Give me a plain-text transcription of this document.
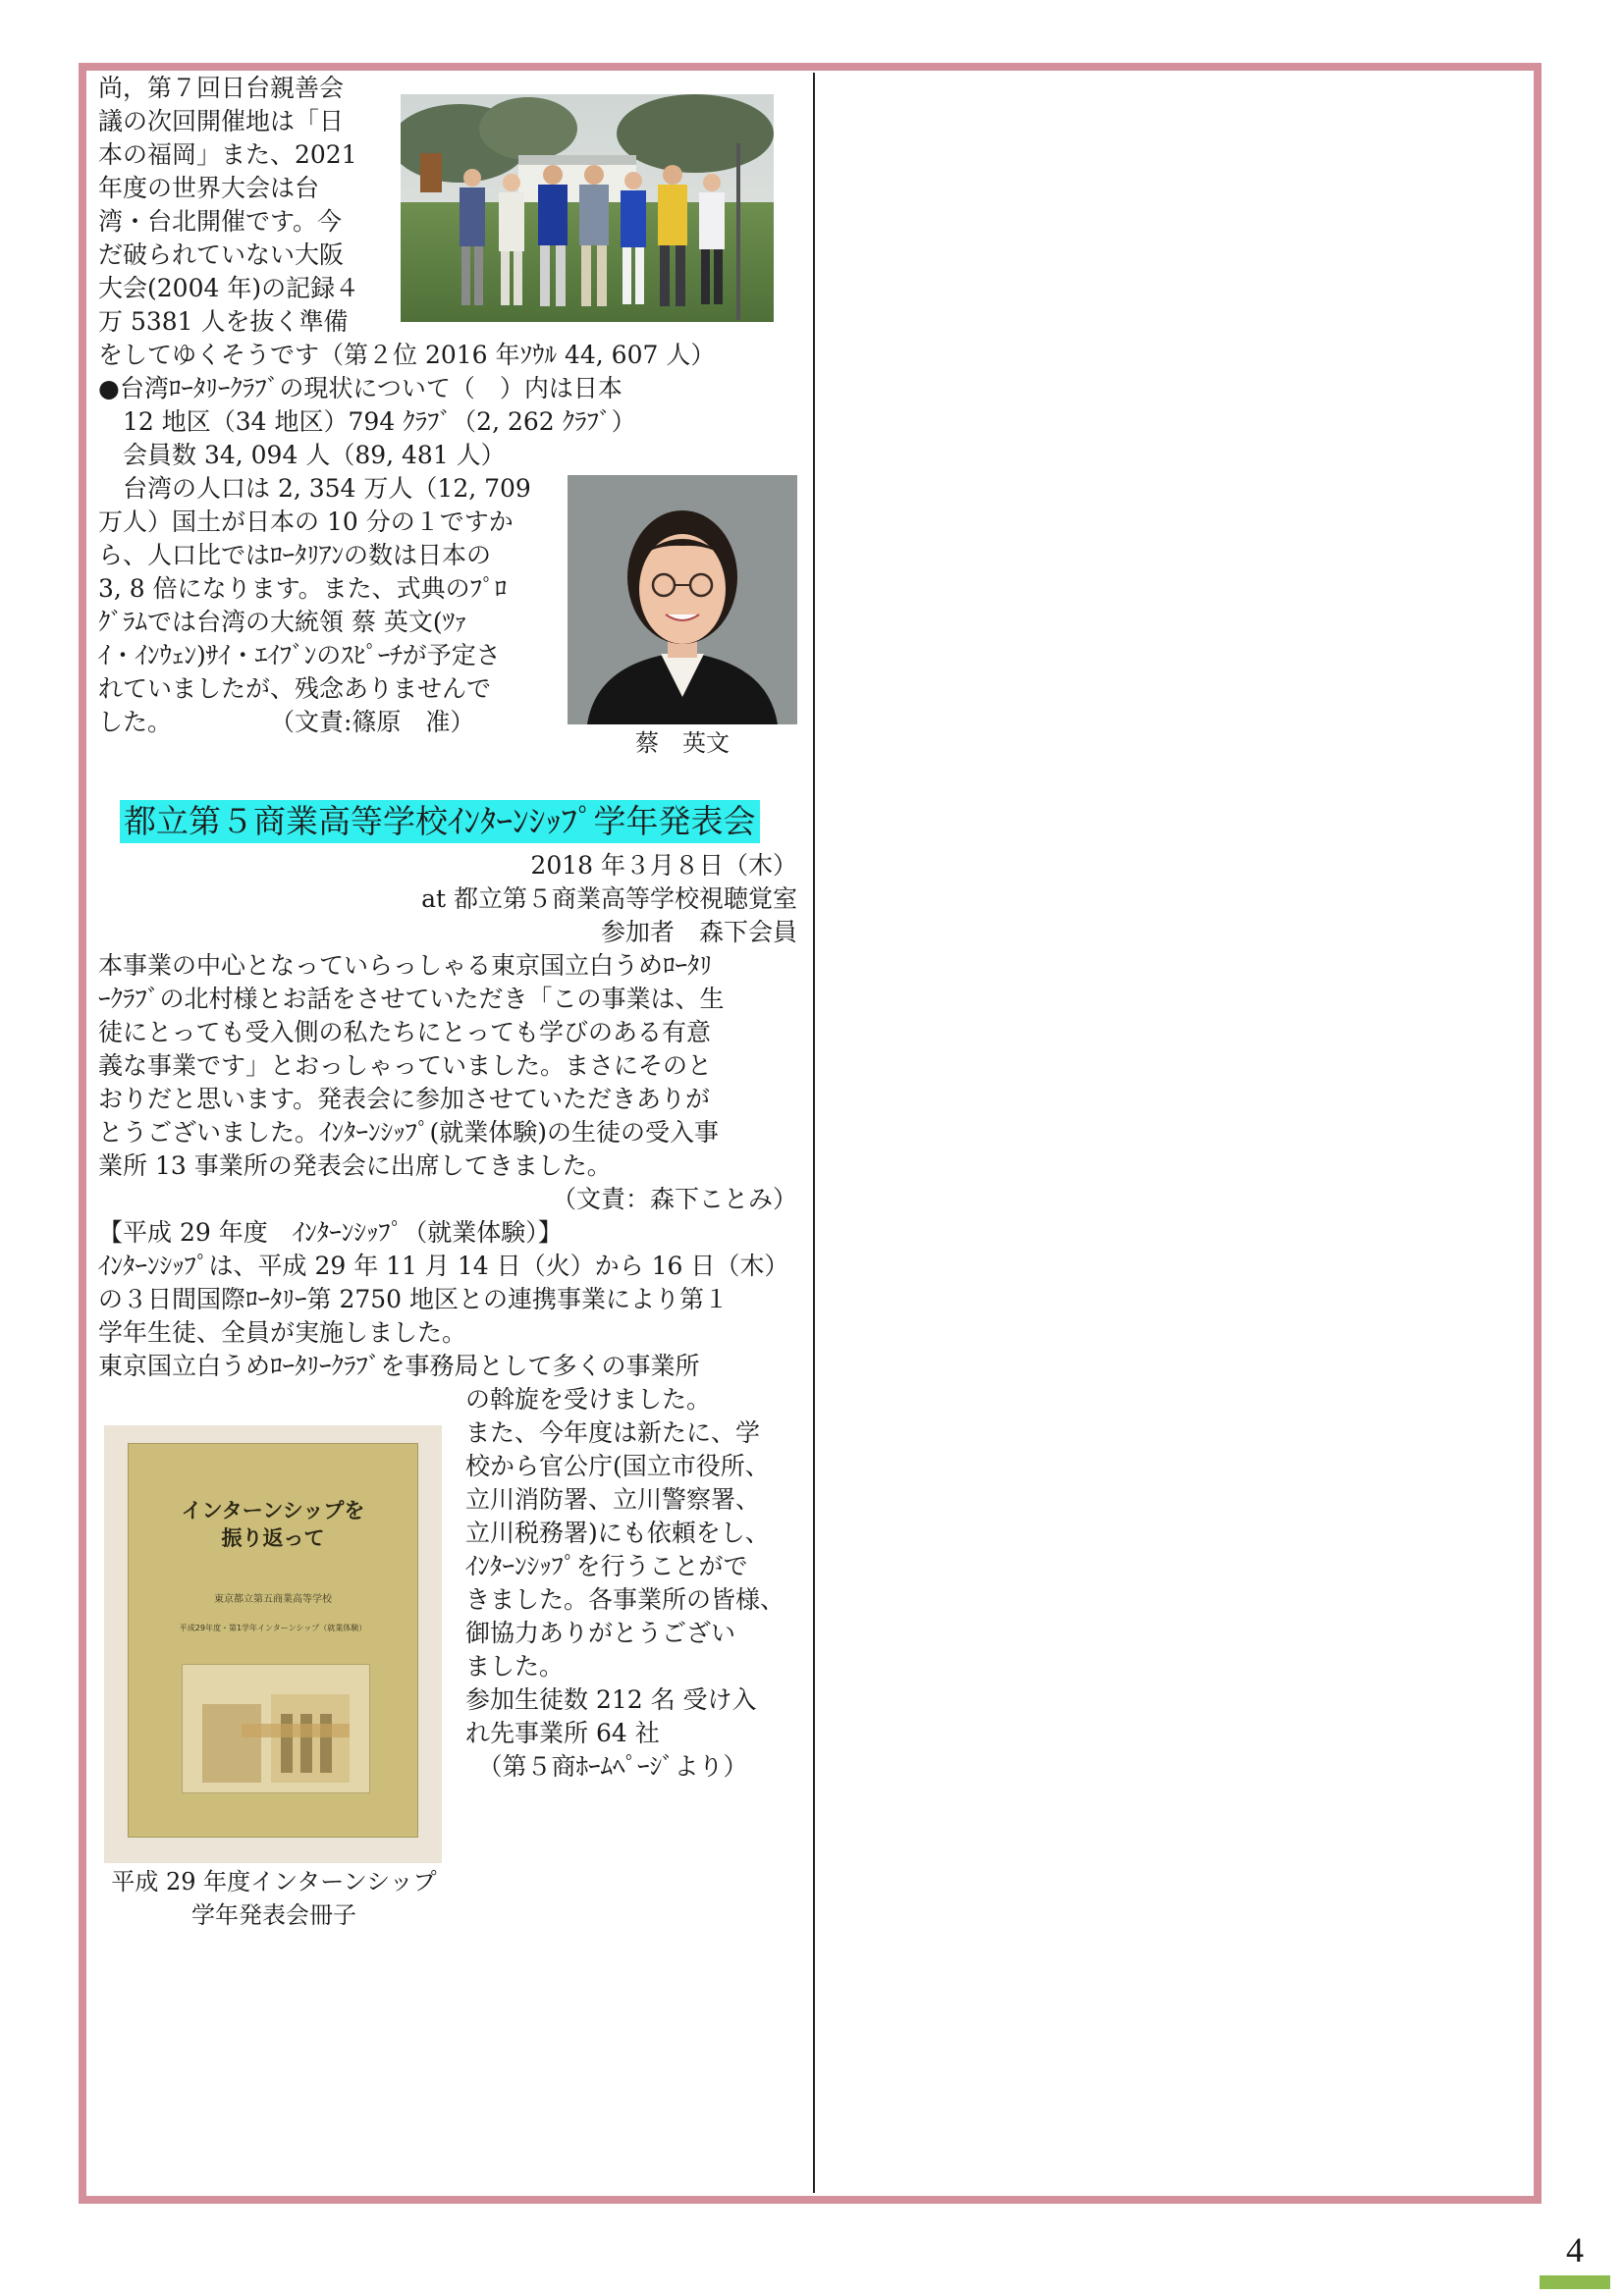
尚，第７回日台親善会
議の次回開催地は「日
本の福岡」また、2021
年度の世界大会は台
湾・台北開催です。今
だ破られていない大阪
大会(2004 年)の記録４
万 5381 人を抜く準備
をしてゆくそうです（第２位 2016 年ｿｳﾙ 44, 607 人）
●台湾ﾛｰﾀﾘｰｸﾗﾌﾞの現状について（　）内は日本
　12 地区（34 地区）794 ｸﾗﾌﾞ（2, 262 ｸﾗﾌﾞ）
　会員数 34, 094 人（89, 481 人）
　台湾の人口は 2, 354 万人（12, 709
万人）国土が日本の 10 分の１ですか
ら、人口比ではﾛｰﾀﾘｱﾝの数は日本の
3, 8 倍になります。また、式典のﾌﾟﾛ
ｸﾞﾗﾑでは台湾の大統領 蔡 英文(ﾂｧ
ｲ・ｲﾝｳｪﾝ)ｻｲ・ｴｲﾌﾞﾝのｽﾋﾟｰﾁが予定さ
れていましたが、残念ありませんで
した。　　　　　（文責:篠原　准）
蔡　英文
都立第５商業高等学校ｲﾝﾀｰﾝｼｯﾌﾟ学年発表会
2018 年３月８日（木）
at 都立第５商業高等学校視聴覚室
参加者　森下会員
本事業の中心となっていらっしゃる東京国立白うめﾛｰﾀﾘ
ｰｸﾗﾌﾞの北村様とお話をさせていただき「この事業は、生
徒にとっても受入側の私たちにとっても学びのある有意
義な事業です」とおっしゃっていました。まさにそのと
おりだと思います。発表会に参加させていただきありが
とうございました。ｲﾝﾀｰﾝｼｯﾌﾟ(就業体験)の生徒の受入事
業所 13 事業所の発表会に出席してきました。
（文責：森下ことみ）
【平成 29 年度　ｲﾝﾀｰﾝｼｯﾌﾟ（就業体験）】
ｲﾝﾀｰﾝｼｯﾌﾟは、平成 29 年 11 月 14 日（火）から 16 日（木）
の３日間国際ﾛｰﾀﾘｰ第 2750 地区との連携事業により第１
学年生徒、全員が実施しました。
東京国立白うめﾛｰﾀﾘｰｸﾗﾌﾞを事務局として多くの事業所
の斡旋を受けました。
また、今年度は新たに、学
校から官公庁(国立市役所、
立川消防署、立川警察署、
立川税務署)にも依頼をし、
ｲﾝﾀｰﾝｼｯﾌﾟを行うことがで
きました。各事業所の皆様、
御協力ありがとうござい
ました。
参加生徒数 212 名 受け入
れ先事業所 64 社
　（第５商ﾎｰﾑﾍﾟｰｼﾞより）
インターンシップを
振り返って
東京都立第五商業高等学校
平成29年度・第1学年インターンシップ（就業体験）
平成 29 年度インターンシップ
学年発表会冊子
4
